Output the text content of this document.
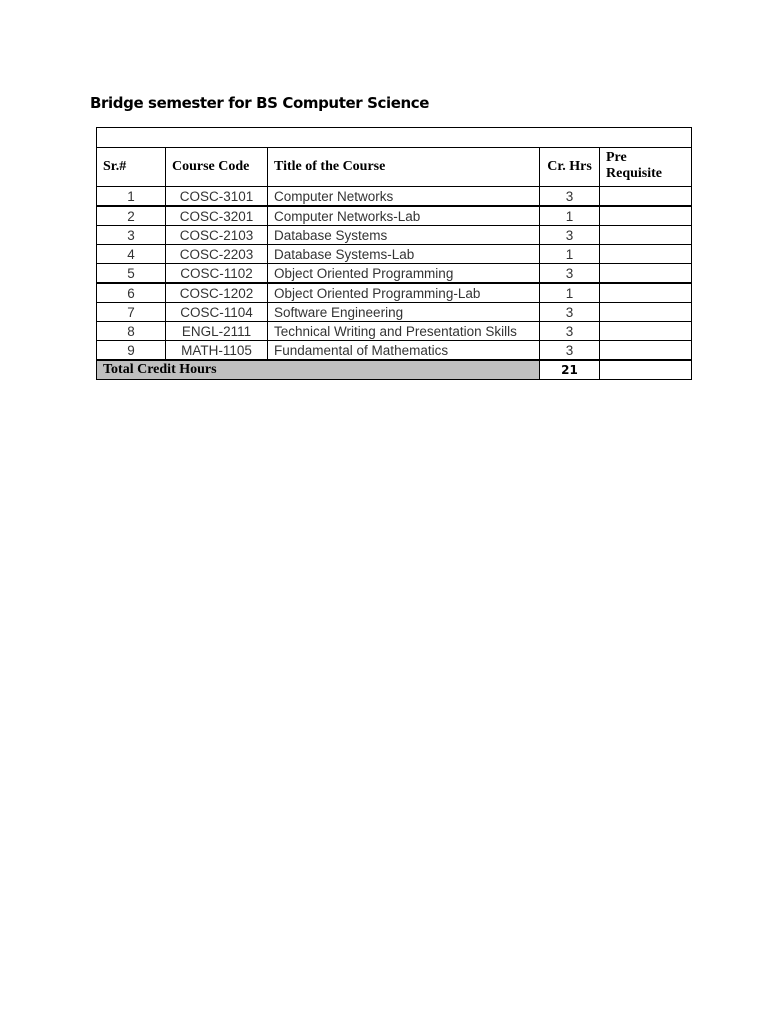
Bridge semester for BS Computer Science

Sr.#	Course Code	Title of the Course	Cr. Hrs	Pre
Requisite
1	COSC-3101	Computer Networks	3	
2	COSC-3201	Computer Networks-Lab	1	
3	COSC-2103	Database Systems	3	
4	COSC-2203	Database Systems-Lab	1	
5	COSC-1102	Object Oriented Programming	3	
6	COSC-1202	Object Oriented Programming-Lab	1	
7	COSC-1104	Software Engineering	3	
8	ENGL-2111	Technical Writing and Presentation Skills	3	
9	MATH-1105	Fundamental of Mathematics	3	
Total Credit Hours			21	
